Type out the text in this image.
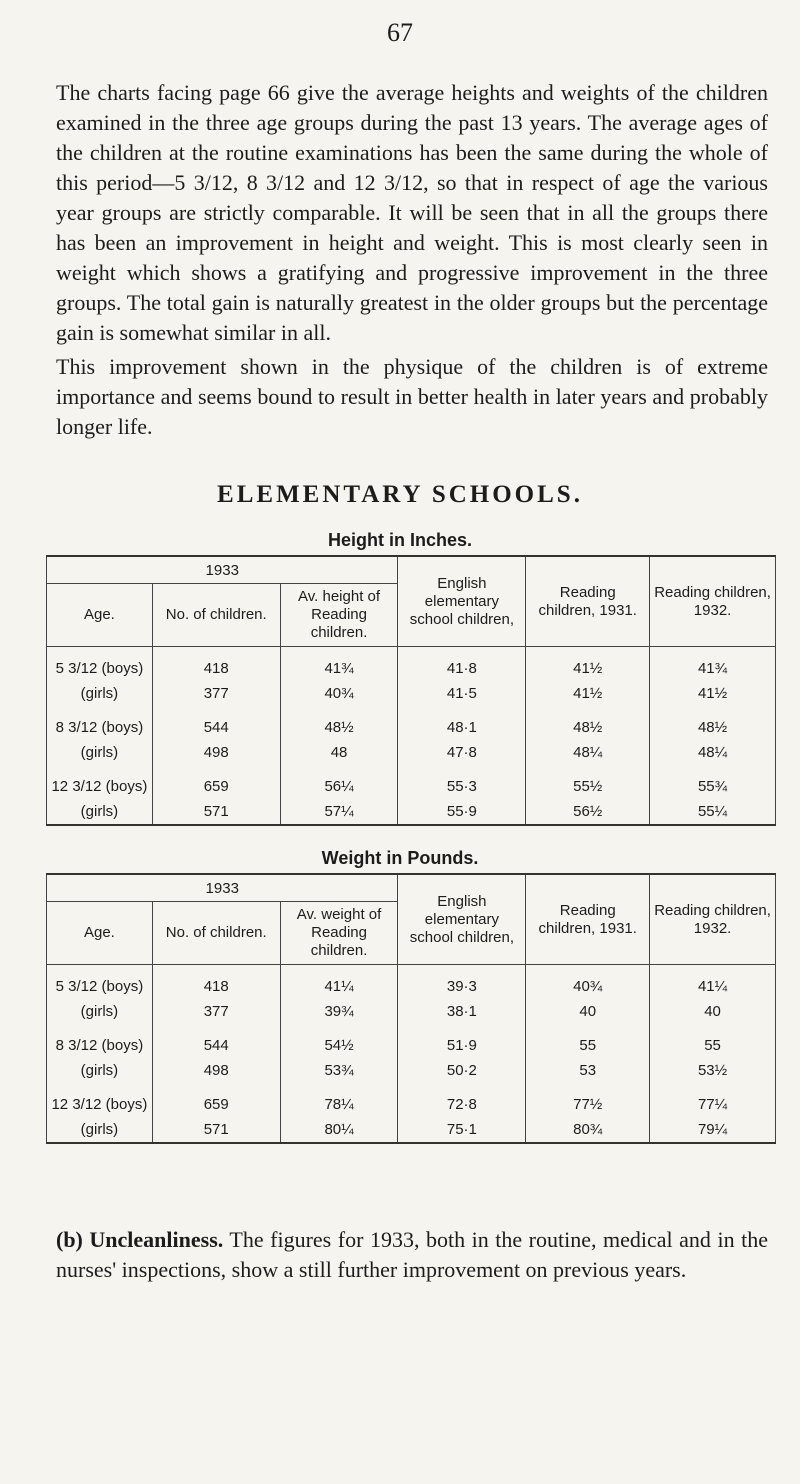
67

The charts facing page 66 give the average heights and weights of the children examined in the three age groups during the past 13 years. The average ages of the children at the routine examinations has been the same during the whole of this period—5 3/12, 8 3/12 and 12 3/12, so that in respect of age the various year groups are strictly comparable. It will be seen that in all the groups there has been an improvement in height and weight. This is most clearly seen in weight which shows a gratifying and progressive improvement in the three groups. The total gain is naturally greatest in the older groups but the percentage gain is somewhat similar in all.

This improvement shown in the physique of the children is of extreme importance and seems bound to result in better health in later years and probably longer life.

ELEMENTARY SCHOOLS.
Height in Inches.
1933			English elementary school children,	Reading children, 1931.	Reading children, 1932.
Age.	No. of children.	Av. height of Reading children.			
5 3/12 (boys)	418	41¾	41·8	41½	41¾
(girls)	377	40¾	41·5	41½	41½
8 3/12 (boys)	544	48½	48·1	48½	48½
(girls)	498	48	47·8	48¼	48¼
12 3/12 (boys)	659	56¼	55·3	55½	55¾
(girls)	571	57¼	55·9	56½	55¼
Weight in Pounds.
1933			English elementary school children,	Reading children, 1931.	Reading children, 1932.
Age.	No. of children.	Av. weight of Reading children.			
5 3/12 (boys)	418	41¼	39·3	40¾	41¼
(girls)	377	39¾	38·1	40	40
8 3/12 (boys)	544	54½	51·9	55	55
(girls)	498	53¾	50·2	53	53½
12 3/12 (boys)	659	78¼	72·8	77½	77¼
(girls)	571	80¼	75·1	80¾	79¼

(b) Uncleanliness. The figures for 1933, both in the routine, medical and in the nurses' inspections, show a still further improvement on previous years.
